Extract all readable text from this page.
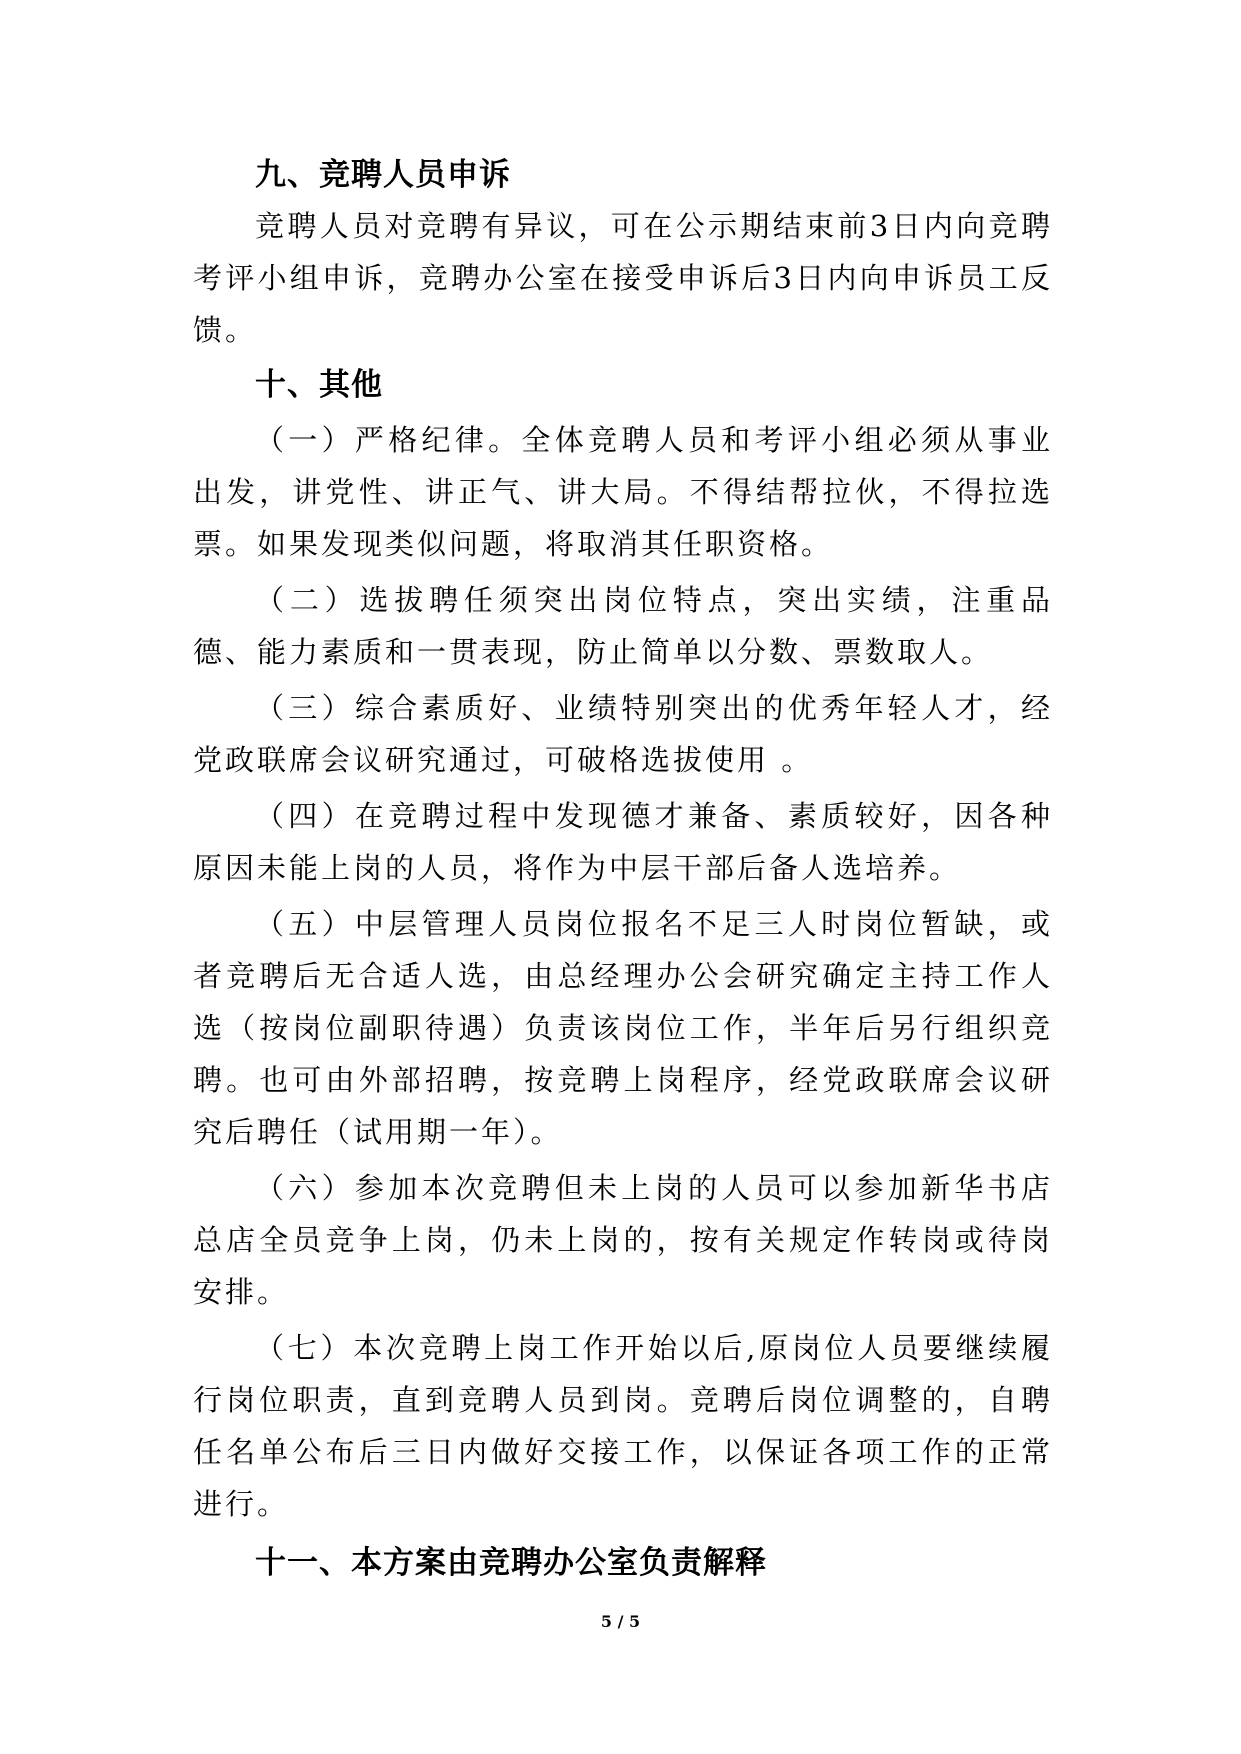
九、竞聘人员申诉

竞聘人员对竞聘有异议，可在公示期结束前3日内向竞聘考评小组申诉，竞聘办公室在接受申诉后3日内向申诉员工反馈。

十、其他

（一）严格纪律。全体竞聘人员和考评小组必须从事业出发，讲党性、讲正气、讲大局。不得结帮拉伙，不得拉选票。如果发现类似问题，将取消其任职资格。

（二）选拔聘任须突出岗位特点，突出实绩，注重品德、能力素质和一贯表现，防止简单以分数、票数取人。

（三）综合素质好、业绩特别突出的优秀年轻人才，经党政联席会议研究通过，可破格选拔使用 。

（四）在竞聘过程中发现德才兼备、素质较好，因各种原因未能上岗的人员，将作为中层干部后备人选培养。

（五）中层管理人员岗位报名不足三人时岗位暂缺，或者竞聘后无合适人选，由总经理办公会研究确定主持工作人选（按岗位副职待遇）负责该岗位工作，半年后另行组织竞聘。也可由外部招聘，按竞聘上岗程序，经党政联席会议研究后聘任（试用期一年）。

（六）参加本次竞聘但未上岗的人员可以参加新华书店总店全员竞争上岗，仍未上岗的，按有关规定作转岗或待岗安排。

（七）本次竞聘上岗工作开始以后,原岗位人员要继续履行岗位职责，直到竞聘人员到岗。竞聘后岗位调整的，自聘任名单公布后三日内做好交接工作，以保证各项工作的正常进行。

十一、本方案由竞聘办公室负责解释
5 / 5
